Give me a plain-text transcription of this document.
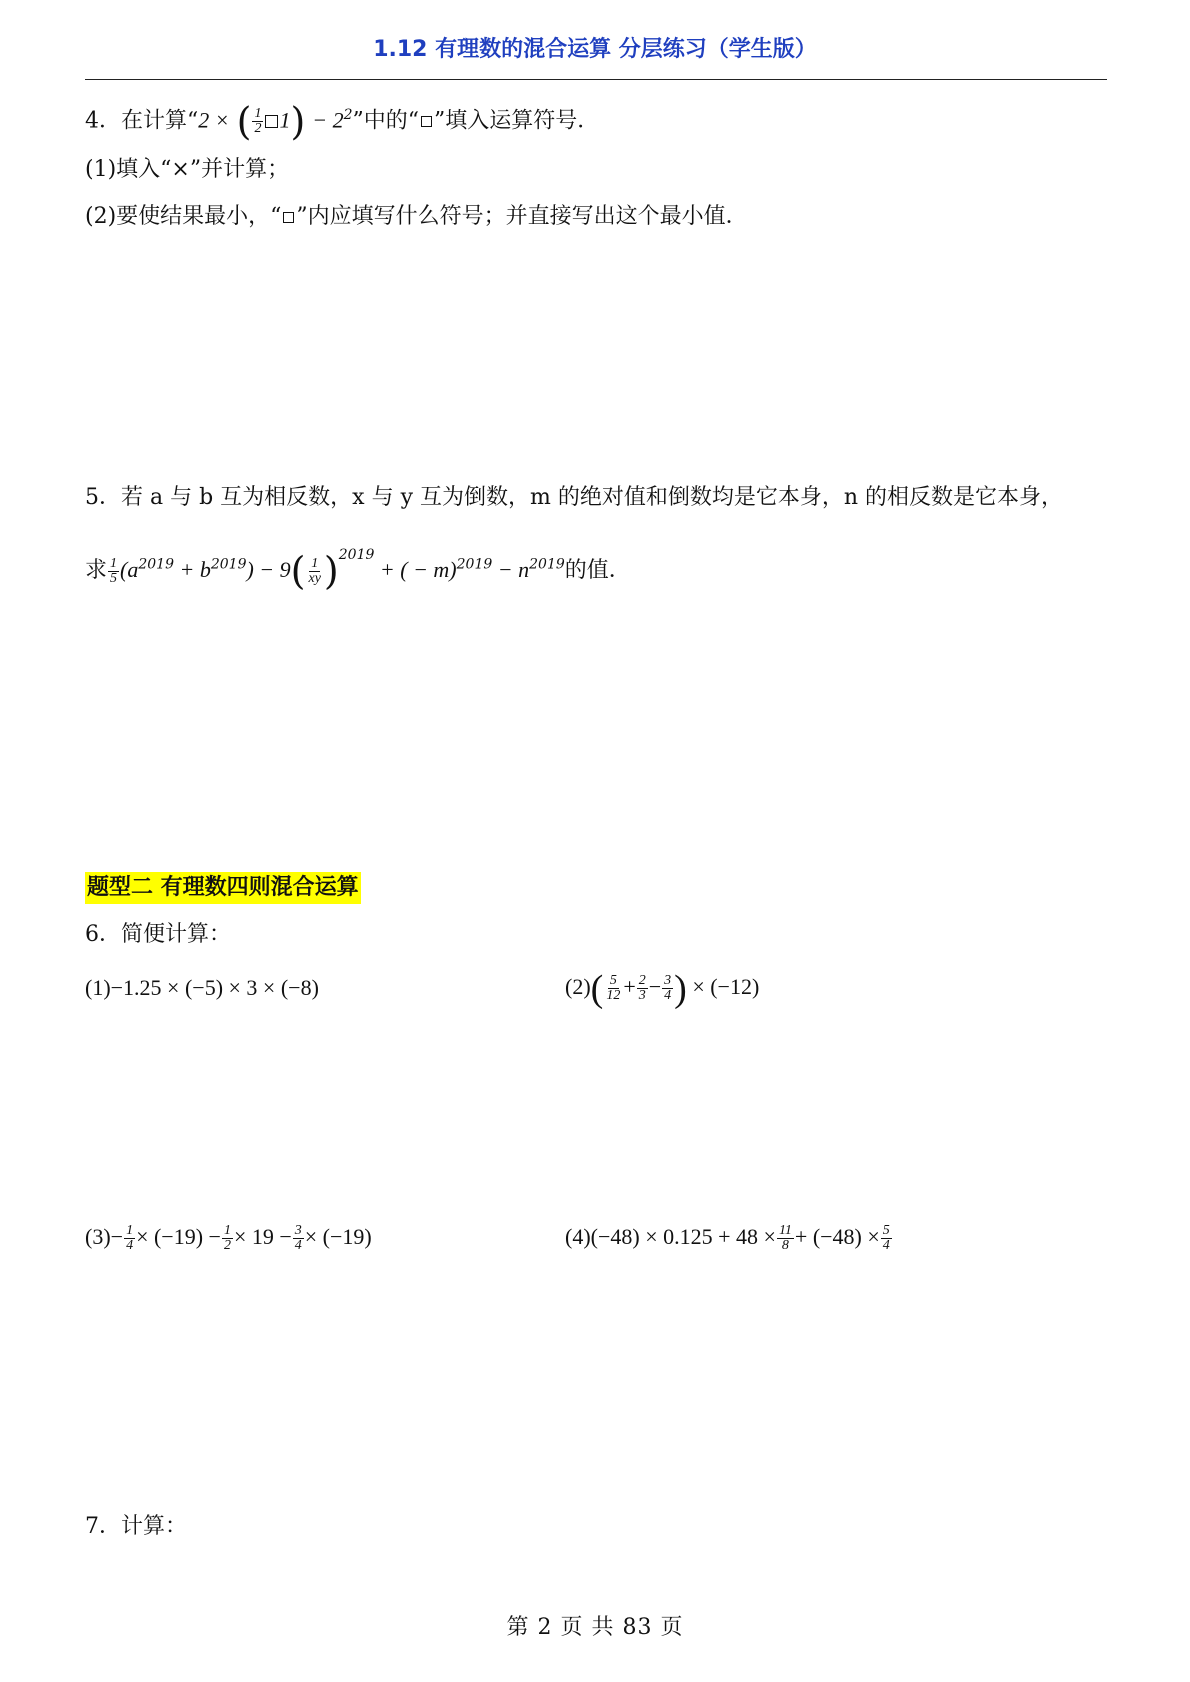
1.12 有理数的混合运算 分层练习（学生版）
4．在计算“2 × ( $\frac{1}{2} 1) - 2^2$”中的“ ”填入运算符号．
(1)填入“×”并计算；
(2)要使结果最小，“ ”内应填写什么符号；并直接写出这个最小值．
5．若 a 与 b 互为相反数，x 与 y 互为倒数，m 的绝对值和倒数均是它本身，n 的相反数是它本身，
求 $\frac{1}{5} (a^{2019} + b^{2019}) - 9( \frac{1}{xy} )^{2019}$ + ( − $m)^{2019} - n^{2019}$的值．
题型二 有理数四则混合运算
6．简便计算：
(1)−1.25 × (−5) × 3 × (−8)	$(2)( \frac{5}{12} + \frac{2}{3} - \frac{3}{4}$ ) × (−12)
$(3)- \frac{1}{4} \times (-19) - \frac{1}{2} \times 19 - \frac{3}{4} \times (-19)$	$(4)(-48) \times 0.125 + 48 \times \frac{11}{8} + (-48) \times \frac{5}{4}$
7．计算：
第 2 页 共 83 页
